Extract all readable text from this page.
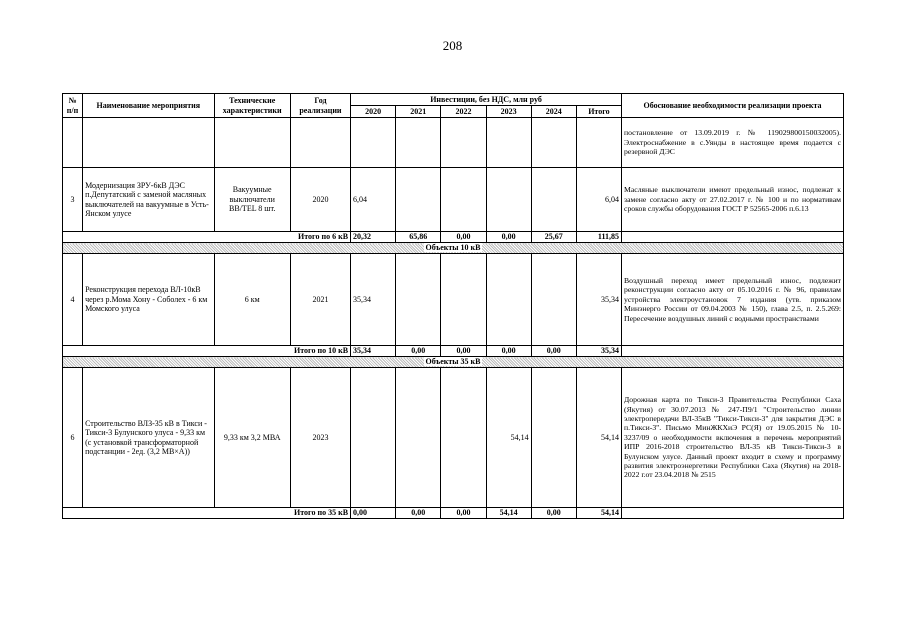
208
№ п/п	Наименование мероприятия	Технические характеристики	Год реализации	Инвестиции, без НДС, млн руб						Обоснование необходимости реализации проекта
				2020	2021	2022	2023	2024	Итого	
										постановление от 13.09.2019 г. № 119029800150032005). Электроснабжение в с.Уянды в настоящее время подается с резервной ДЭС
3	Модернизация ЗРУ-6кВ ДЭС п.Депутатский с заменой масляных выключателей на вакуумные в Усть-Янском улусе	Вакуумные выключатели BB/TEL 8 шт.	2020	6,04					6,04	Масляные выключатели имеют предельный износ, подлежат к замене согласно акту от 27.02.2017 г. № 100 и по нормативам сроков службы оборудования ГОСТ Р 52565-2006 п.6.13
Итого по 6 кВ				20,32	65,86	0,00	0,00	25,67	111,85	
Объекты 10 кВ										
4	Реконструкция перехода ВЛ-10кВ через р.Мома Хону - Соболех - 6 км Момского улуса	6 км	2021	35,34					35,34	Воздушный переход имеет предельный износ, подлежит реконструкции согласно акту от 05.10.2016 г. № 96, правилам устройства электроустановок 7 издания (утв. приказом Минэнерго России от 09.04.2003 № 150), глава 2.5, п. 2.5.269: Пересечение воздушных линий с водными пространствами
Итого по 10 кВ				35,34	0,00	0,00	0,00	0,00	35,34	
Объекты 35 кВ										
6	Строительство ВЛЗ-35 кВ в Тикси - Тикси-3 Булунского улуса - 9,33 км (с установкой трансформаторной подстанции - 2ед. (3,2 МВ×А))	9,33 км 3,2 МВА	2023				54,14		54,14	Дорожная карта по Тикси-3 Правительства Республики Саха (Якутия) от 30.07.2013 № 247-П9/1 "Строительство линии электропередачи ВЛ-35кВ "Тикси-Тикси-3" для закрытия ДЭС в п.Тикси-3". Письмо МинЖКХиЭ РС(Я) от 19.05.2015 № 10-3237/09 о необходимости включения в перечень мероприятий ИПР 2016-2018 строительство ВЛ-35 кВ Тикси-Тикси-3 в Булунском улусе. Данный проект входит в схему и программу развития электроэнергетики Республики Саха (Якутия) на 2018-2022 г.от 23.04.2018 № 2515
Итого по 35 кВ				0,00	0,00	0,00	54,14	0,00	54,14	
